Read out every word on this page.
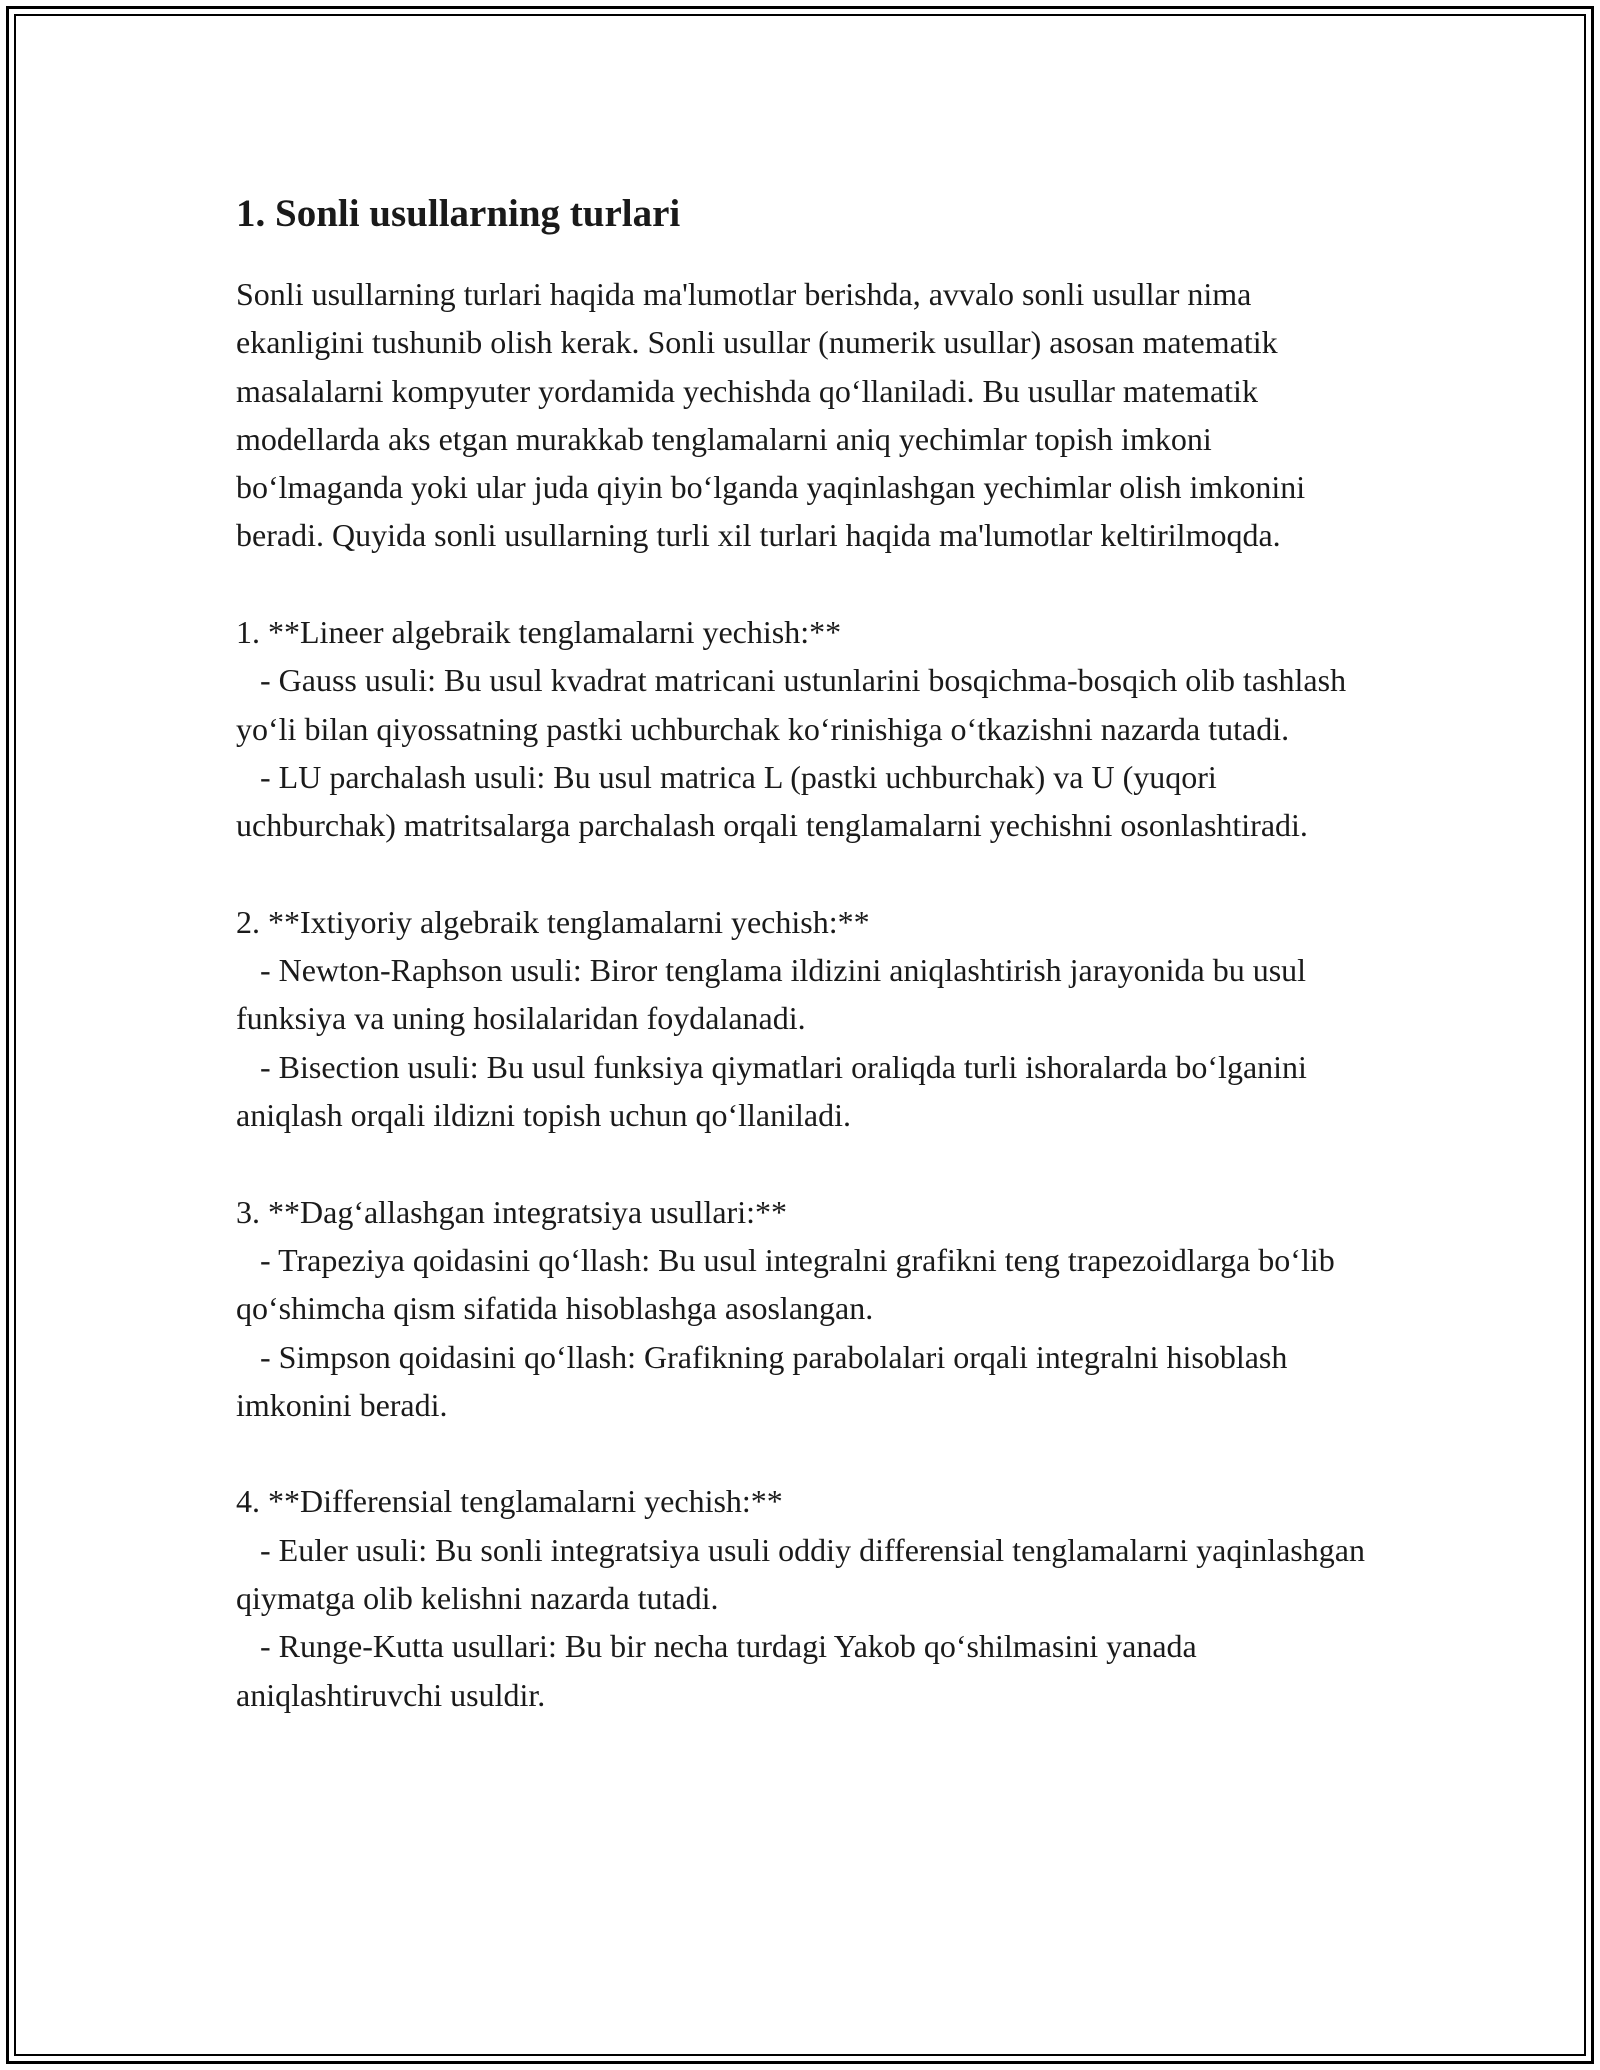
1. Sonli usullarning turlari

Sonli usullarning turlari haqida ma'lumotlar berishda, avvalo sonli usullar nima ekanligini tushunib olish kerak. Sonli usullar (numerik usullar) asosan matematik masalalarni kompyuter yordamida yechishda qo‘llaniladi. Bu usullar matematik modellarda aks etgan murakkab tenglamalarni aniq yechimlar topish imkoni bo‘lmaganda yoki ular juda qiyin bo‘lganda yaqinlashgan yechimlar olish imkonini beradi. Quyida sonli usullarning turli xil turlari haqida ma'lumotlar keltirilmoqda.

1. **Lineer algebraik tenglamalarni yechish:**

- Gauss usuli: Bu usul kvadrat matricani ustunlarini bosqichma-bosqich olib tashlash yo‘li bilan qiyossatning pastki uchburchak ko‘rinishiga o‘tkazishni nazarda tutadi.

- LU parchalash usuli: Bu usul matrica L (pastki uchburchak) va U (yuqori uchburchak) matritsalarga parchalash orqali tenglamalarni yechishni osonlashtiradi.

2. **Ixtiyoriy algebraik tenglamalarni yechish:**

- Newton-Raphson usuli: Biror tenglama ildizini aniqlashtirish jarayonida bu usul funksiya va uning hosilalaridan foydalanadi.

- Bisection usuli: Bu usul funksiya qiymatlari oraliqda turli ishoralarda bo‘lganini aniqlash orqali ildizni topish uchun qo‘llaniladi.

3. **Dag‘allashgan integratsiya usullari:**

- Trapeziya qoidasini qo‘llash: Bu usul integralni grafikni teng trapezoidlarga bo‘lib qo‘shimcha qism sifatida hisoblashga asoslangan.

- Simpson qoidasini qo‘llash: Grafikning parabolalari orqali integralni hisoblash imkonini beradi.

4. **Differensial tenglamalarni yechish:**

- Euler usuli: Bu sonli integratsiya usuli oddiy differensial tenglamalarni yaqinlashgan qiymatga olib kelishni nazarda tutadi.

- Runge-Kutta usullari: Bu bir necha turdagi Yakob qo‘shilmasini yanada aniqlashtiruvchi usuldir.
